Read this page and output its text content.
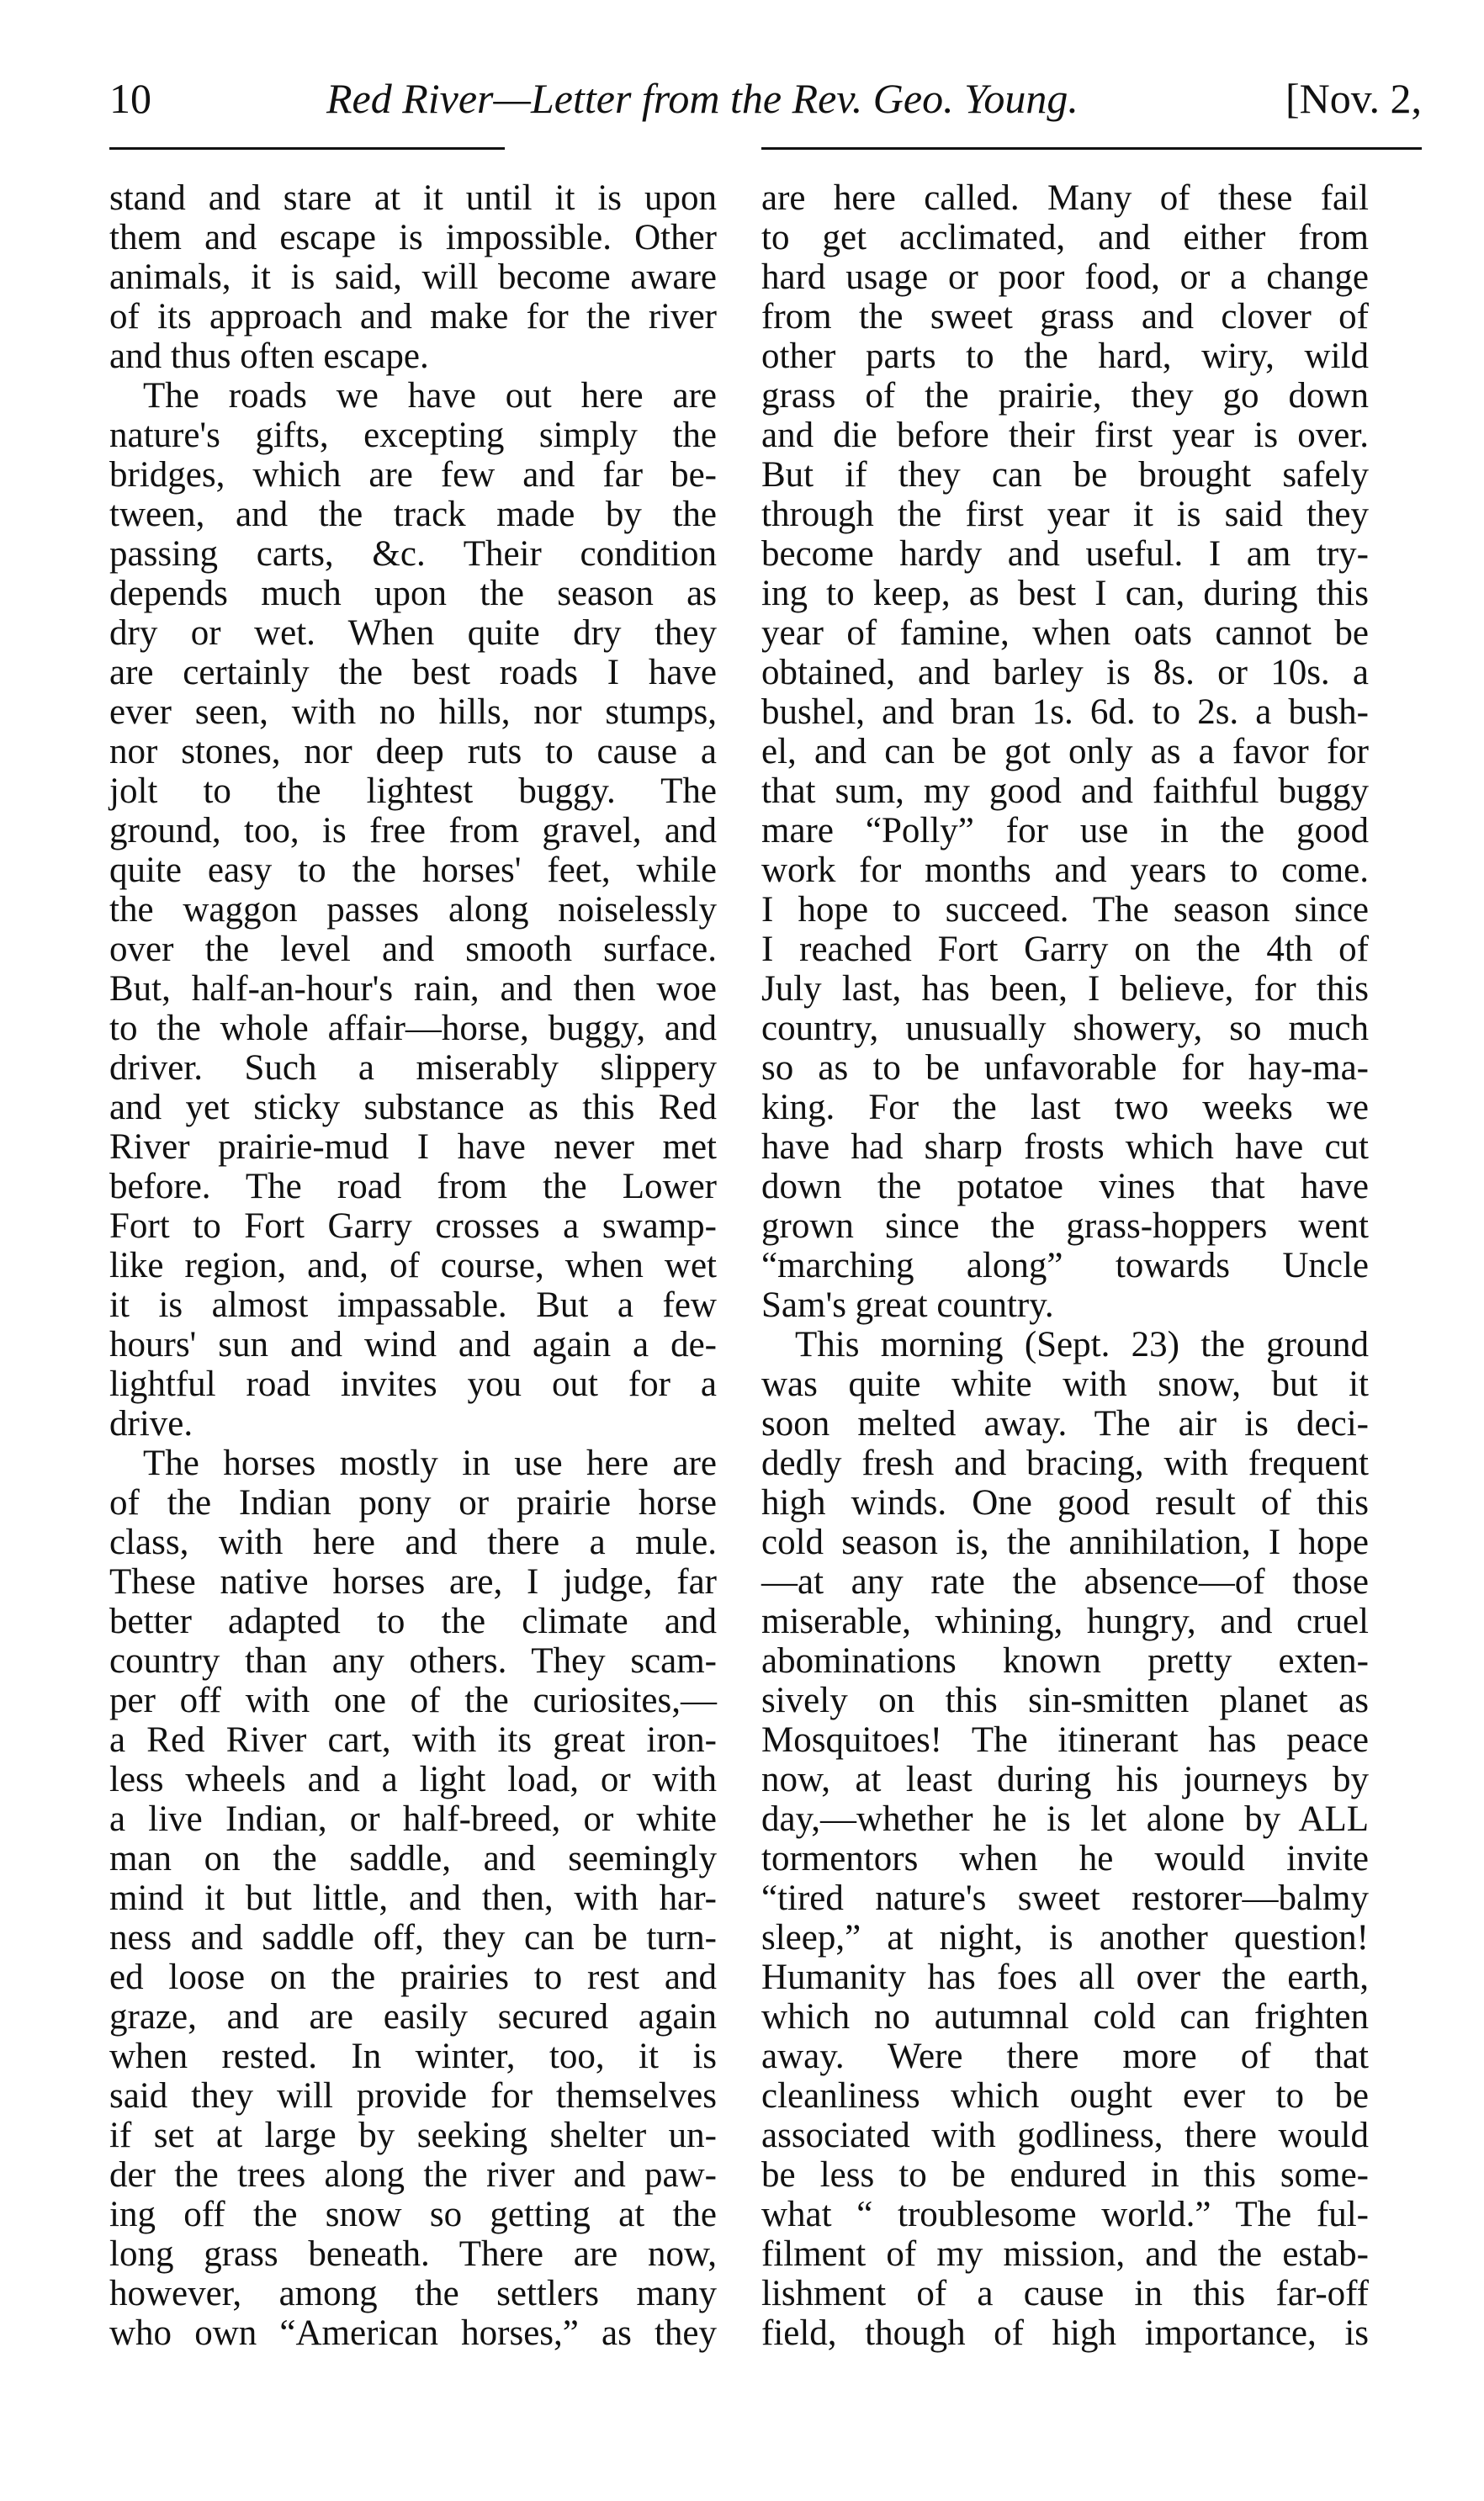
10	Red River—Letter from the Rev. Geo. Young.	[Nov. 2,
stand and stare at it until it is upon
them and escape is impossible. Other
animals, it is said, will become aware
of its approach and make for the river
and thus often escape.
The roads we have out here are
nature's gifts, excepting simply the
bridges, which are few and far be-
tween, and the track made by the
passing carts, &c. Their condition
depends much upon the season as
dry or wet. When quite dry they
are certainly the best roads I have
ever seen, with no hills, nor stumps,
nor stones, nor deep ruts to cause a
jolt to the lightest buggy. The
ground, too, is free from gravel, and
quite easy to the horses' feet, while
the waggon passes along noiselessly
over the level and smooth surface.
But, half-an-hour's rain, and then woe
to the whole affair—horse, buggy, and
driver. Such a miserably slippery
and yet sticky substance as this Red
River prairie-mud I have never met
before. The road from the Lower
Fort to Fort Garry crosses a swamp-
like region, and, of course, when wet
it is almost impassable. But a few
hours' sun and wind and again a de-
lightful road invites you out for a
drive.
The horses mostly in use here are
of the Indian pony or prairie horse
class, with here and there a mule.
These native horses are, I judge, far
better adapted to the climate and
country than any others. They scam-
per off with one of the curiosites,—
a Red River cart, with its great iron-
less wheels and a light load, or with
a live Indian, or half-breed, or white
man on the saddle, and seemingly
mind it but little, and then, with har-
ness and saddle off, they can be turn-
ed loose on the prairies to rest and
graze, and are easily secured again
when rested. In winter, too, it is
said they will provide for themselves
if set at large by seeking shelter un-
der the trees along the river and paw-
ing off the snow so getting at the
long grass beneath. There are now,
however, among the settlers many
who own “American horses,” as they
are here called. Many of these fail
to get acclimated, and either from
hard usage or poor food, or a change
from the sweet grass and clover of
other parts to the hard, wiry, wild
grass of the prairie, they go down
and die before their first year is over.
But if they can be brought safely
through the first year it is said they
become hardy and useful. I am try-
ing to keep, as best I can, during this
year of famine, when oats cannot be
obtained, and barley is 8s. or 10s. a
bushel, and bran 1s. 6d. to 2s. a bush-
el, and can be got only as a favor for
that sum, my good and faithful buggy
mare “Polly” for use in the good
work for months and years to come.
I hope to succeed. The season since
I reached Fort Garry on the 4th of
July last, has been, I believe, for this
country, unusually showery, so much
so as to be unfavorable for hay-ma-
king. For the last two weeks we
have had sharp frosts which have cut
down the potatoe vines that have
grown since the grass-hoppers went
“marching along” towards Uncle
Sam's great country.
This morning (Sept. 23) the ground
was quite white with snow, but it
soon melted away. The air is deci-
dedly fresh and bracing, with frequent
high winds. One good result of this
cold season is, the annihilation, I hope
—at any rate the absence—of those
miserable, whining, hungry, and cruel
abominations known pretty exten-
sively on this sin-smitten planet as
Mosquitoes! The itinerant has peace
now, at least during his journeys by
day,—whether he is let alone by ALL
tormentors when he would invite
“tired nature's sweet restorer—balmy
sleep,” at night, is another question!
Humanity has foes all over the earth,
which no autumnal cold can frighten
away. Were there more of that
cleanliness which ought ever to be
associated with godliness, there would
be less to be endured in this some-
what “ troublesome world.” The ful-
filment of my mission, and the estab-
lishment of a cause in this far-off
field, though of high importance, is
